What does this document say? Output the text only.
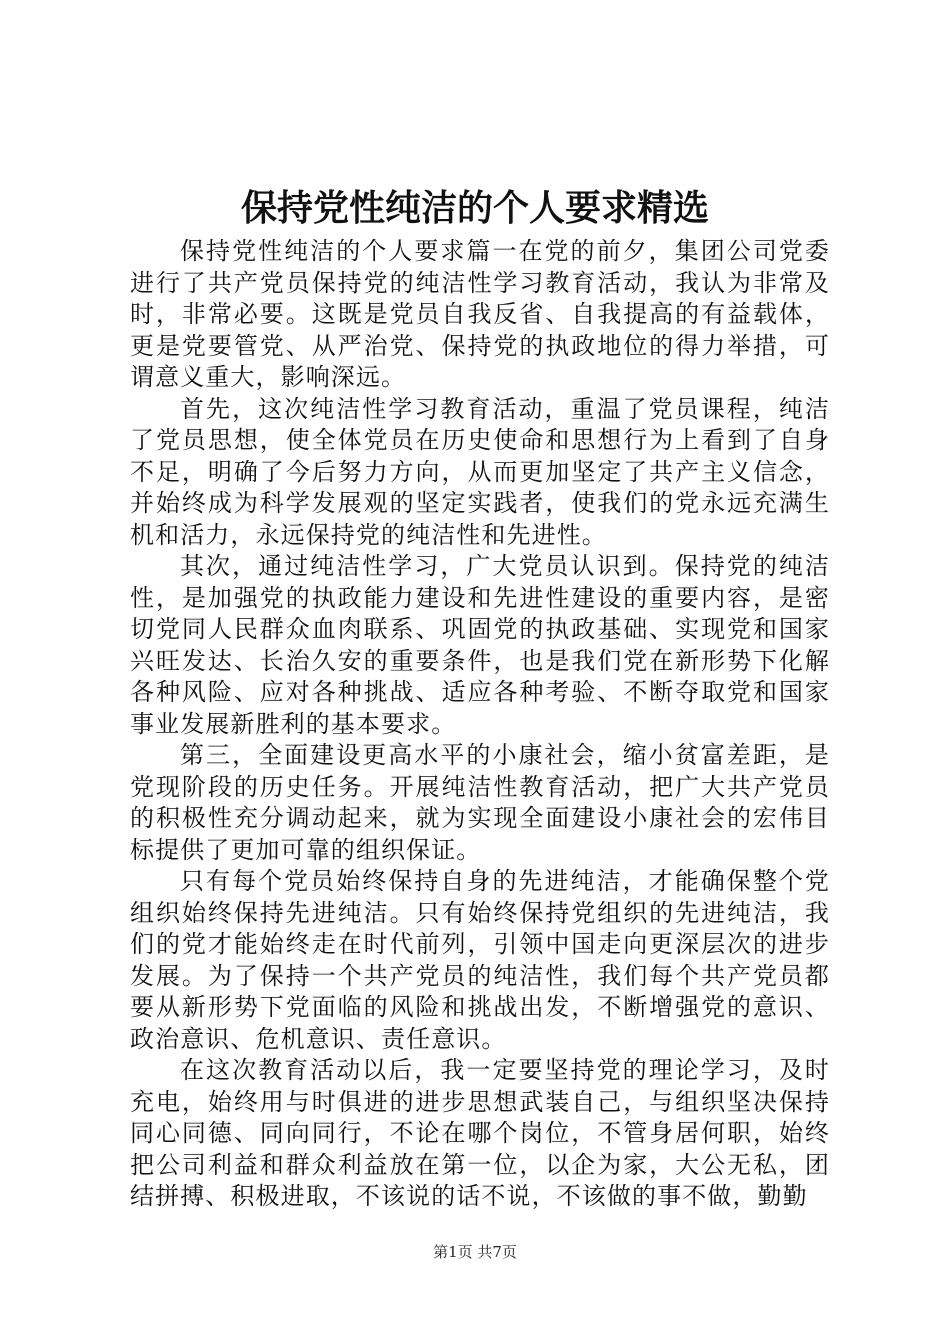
保持党性纯洁的个人要求精选

保持党性纯洁的个人要求篇一在党的前夕，集团公司党委进行了共产党员保持党的纯洁性学习教育活动，我认为非常及时，非常必要。这既是党员自我反省、自我提高的有益载体，更是党要管党、从严治党、保持党的执政地位的得力举措，可谓意义重大，影响深远。

首先，这次纯洁性学习教育活动，重温了党员课程，纯洁了党员思想，使全体党员在历史使命和思想行为上看到了自身不足，明确了今后努力方向，从而更加坚定了共产主义信念，并始终成为科学发展观的坚定实践者，使我们的党永远充满生机和活力，永远保持党的纯洁性和先进性。

其次，通过纯洁性学习，广大党员认识到。保持党的纯洁性，是加强党的执政能力建设和先进性建设的重要内容，是密切党同人民群众血肉联系、巩固党的执政基础、实现党和国家兴旺发达、长治久安的重要条件，也是我们党在新形势下化解各种风险、应对各种挑战、适应各种考验、不断夺取党和国家事业发展新胜利的基本要求。

第三，全面建设更高水平的小康社会，缩小贫富差距，是党现阶段的历史任务。开展纯洁性教育活动，把广大共产党员的积极性充分调动起来，就为实现全面建设小康社会的宏伟目标提供了更加可靠的组织保证。

只有每个党员始终保持自身的先进纯洁，才能确保整个党组织始终保持先进纯洁。只有始终保持党组织的先进纯洁，我们的党才能始终走在时代前列，引领中国走向更深层次的进步发展。为了保持一个共产党员的纯洁性，我们每个共产党员都要从新形势下党面临的风险和挑战出发，不断增强党的意识、政治意识、危机意识、责任意识。

在这次教育活动以后，我一定要坚持党的理论学习，及时充电，始终用与时俱进的进步思想武装自己，与组织坚决保持同心同德、同向同行，不论在哪个岗位，不管身居何职，始终把公司利益和群众利益放在第一位，以企为家，大公无私，团结拼搏、积极进取，不该说的话不说，不该做的事不做，勤勤

第1页 共7页
